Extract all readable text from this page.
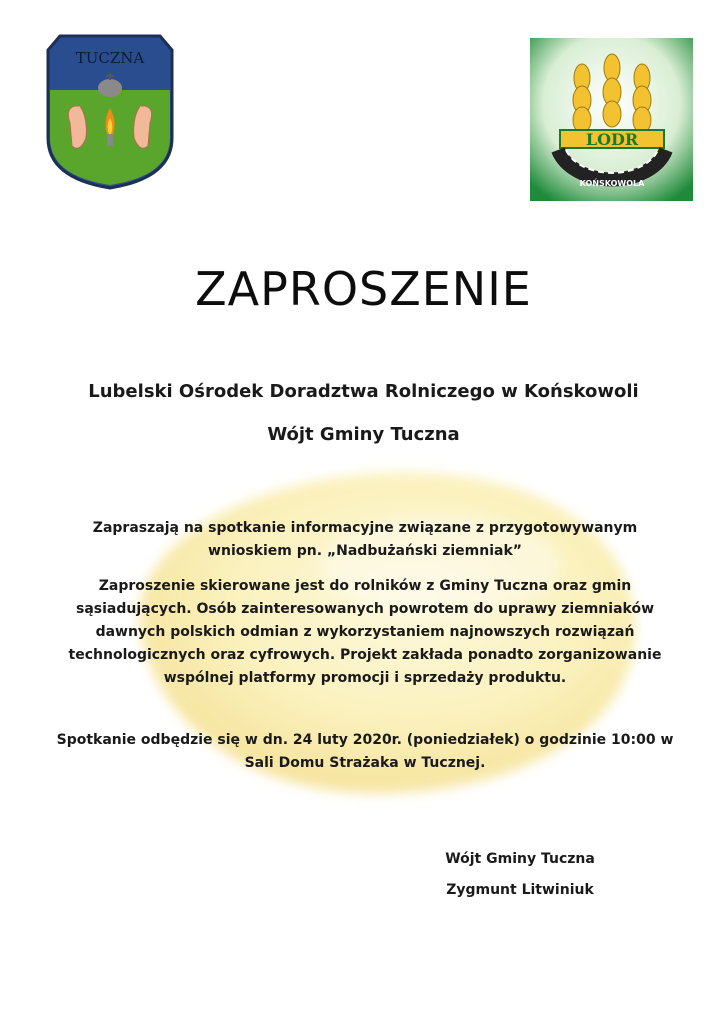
TUCZNA
LODR
KOŃSKOWOLA
ZAPROSZENIE
Lubelski Ośrodek Doradztwa Rolniczego w Końskowoli
Wójt Gminy Tuczna
Zapraszają na spotkanie informacyjne związane z przygotowywanym
wnioskiem pn. „Nadbużański ziemniak”
Zaproszenie skierowane jest do rolników z Gminy Tuczna oraz gmin
sąsiadujących. Osób zainteresowanych powrotem do uprawy ziemniaków
dawnych polskich odmian z wykorzystaniem najnowszych rozwiązań
technologicznych oraz cyfrowych. Projekt zakłada ponadto zorganizowanie
wspólnej platformy promocji i sprzedaży produktu.
Spotkanie odbędzie się w dn. 24 luty 2020r. (poniedziałek) o godzinie 10:00 w
Sali Domu Strażaka w Tucznej.
Wójt Gminy Tuczna
Zygmunt Litwiniuk
